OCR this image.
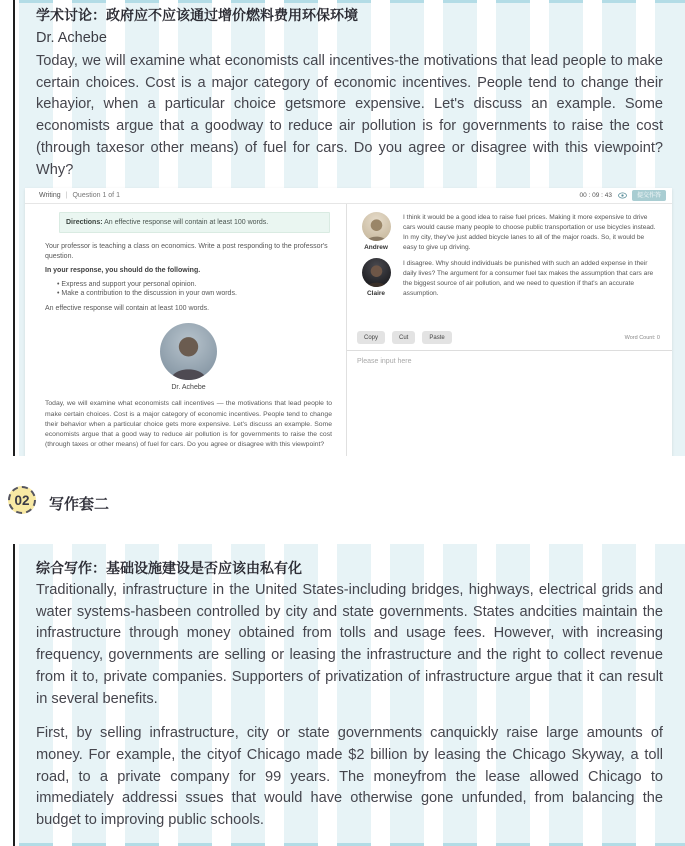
学术讨论：政府应不应该通过增价燃料费用环保环境
Dr. Achebe

Today, we will examine what economists call incentives-the motivations that lead people to make certain choices. Cost is a major category of economic incentives. People tend to change their kehayior, when a particular choice getsmore expensive. Let's discuss an example. Some economists argue that a goodway to reduce air pollution is for governments to raise the cost (through taxesor other means) of fuel for cars. Do you agree or disagree with this viewpoint?Why?

Writing | Question 1 of 1	00 : 09 : 43	提交作答
Directions: An effective response will contain at least 100 words.

Your professor is teaching a class on economics. Write a post responding to the professor's question.

In your response, you should do the following.

• Express and support your personal opinion.
• Make a contribution to the discussion in your own words.

An effective response will contain at least 100 words.

Dr. Achebe

Today, we will examine what economists call incentives — the motivations that lead people to make certain choices. Cost is a major category of economic incentives. People tend to change their behavior when a particular choice gets more expensive. Let's discuss an example. Some economists argue that a good way to reduce air pollution is for governments to raise the cost (through taxes or other means) of fuel for cars. Do you agree or disagree with this viewpoint?

Andrew

I think it would be a good idea to raise fuel prices. Making it more expensive to drive cars would cause many people to choose public transportation or use bicycles instead. In my city, they've just added bicycle lanes to all of the major roads. So, it would be easy to give up driving.

Claire

I disagree. Why should individuals be punished with such an added expense in their daily lives? The argument for a consumer fuel tax makes the assumption that cars are the biggest source of air pollution, and we need to question if that's an accurate assumption.

Copy	Cut	Paste	Word Count: 0
Please input here
02	写作套二
综合写作：基础设施建设是否应该由私有化

Traditionally, infrastructure in the United States-including bridges, highways, electrical grids and water systems-hasbeen controlled by city and state governments. States andcities maintain the infrastructure through money obtained from tolls and usage fees. However, with increasing frequency, governments are selling or leasing the infrastructure and the right to collect revenue from it to, private companies. Supporters of privatization of infrastructure argue that it can result in several benefits.

First, by selling infrastructure, city or state governments canquickly raise large amounts of money. For example, the cityof Chicago made $2 billion by leasing the Chicago Skyway, a toll road, to a private company for 99 years. The moneyfrom the lease allowed Chicago to immediately addressi ssues that would have otherwise gone unfunded, from balancing the budget to improving public schools.
